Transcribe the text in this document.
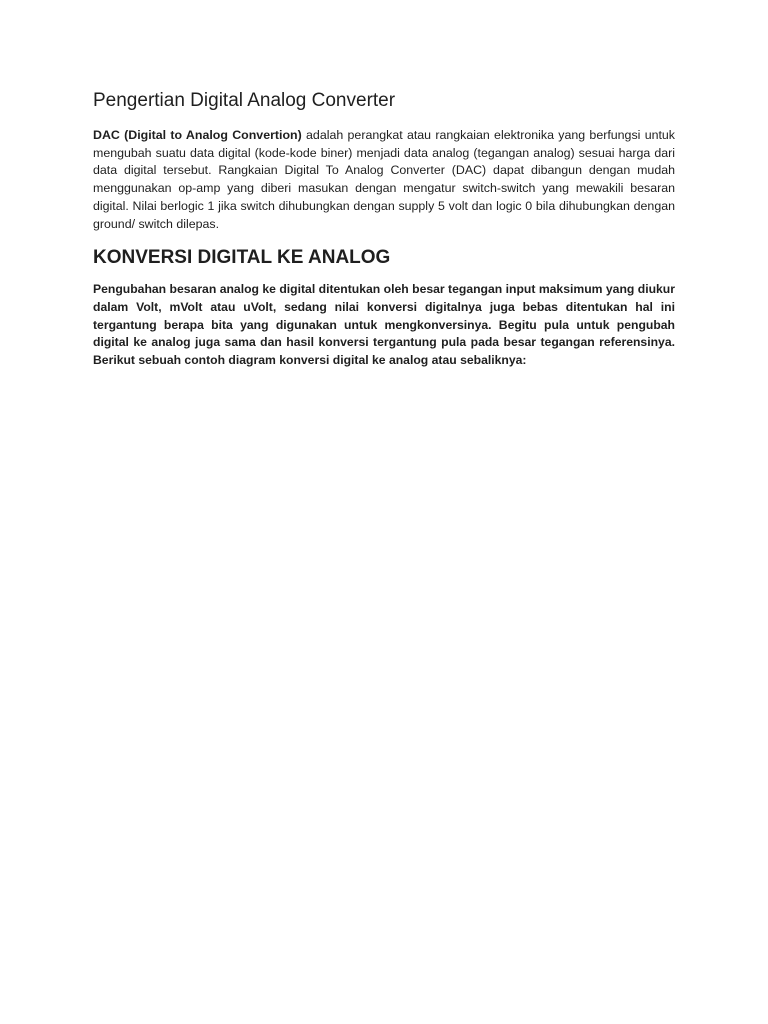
Pengertian Digital Analog Converter

DAC (Digital to Analog Convertion) adalah perangkat atau rangkaian elektronika yang berfungsi untuk mengubah suatu data digital (kode-kode biner) menjadi data analog (tegangan analog) sesuai harga dari data digital tersebut. Rangkaian Digital To Analog Converter (DAC) dapat dibangun dengan mudah menggunakan op-amp yang diberi masukan dengan mengatur switch-switch yang mewakili besaran digital. Nilai berlogic 1 jika switch dihubungkan dengan supply 5 volt dan logic 0 bila dihubungkan dengan ground/ switch dilepas.

KONVERSI DIGITAL KE ANALOG

Pengubahan besaran analog ke digital ditentukan oleh besar tegangan input maksimum yang diukur dalam Volt, mVolt atau uVolt, sedang nilai konversi digitalnya juga bebas ditentukan hal ini tergantung berapa bita yang digunakan untuk mengkonversinya. Begitu pula untuk pengubah digital ke analog juga sama dan hasil konversi tergantung pula pada besar tegangan referensinya. Berikut sebuah contoh diagram konversi digital ke analog atau sebaliknya:
